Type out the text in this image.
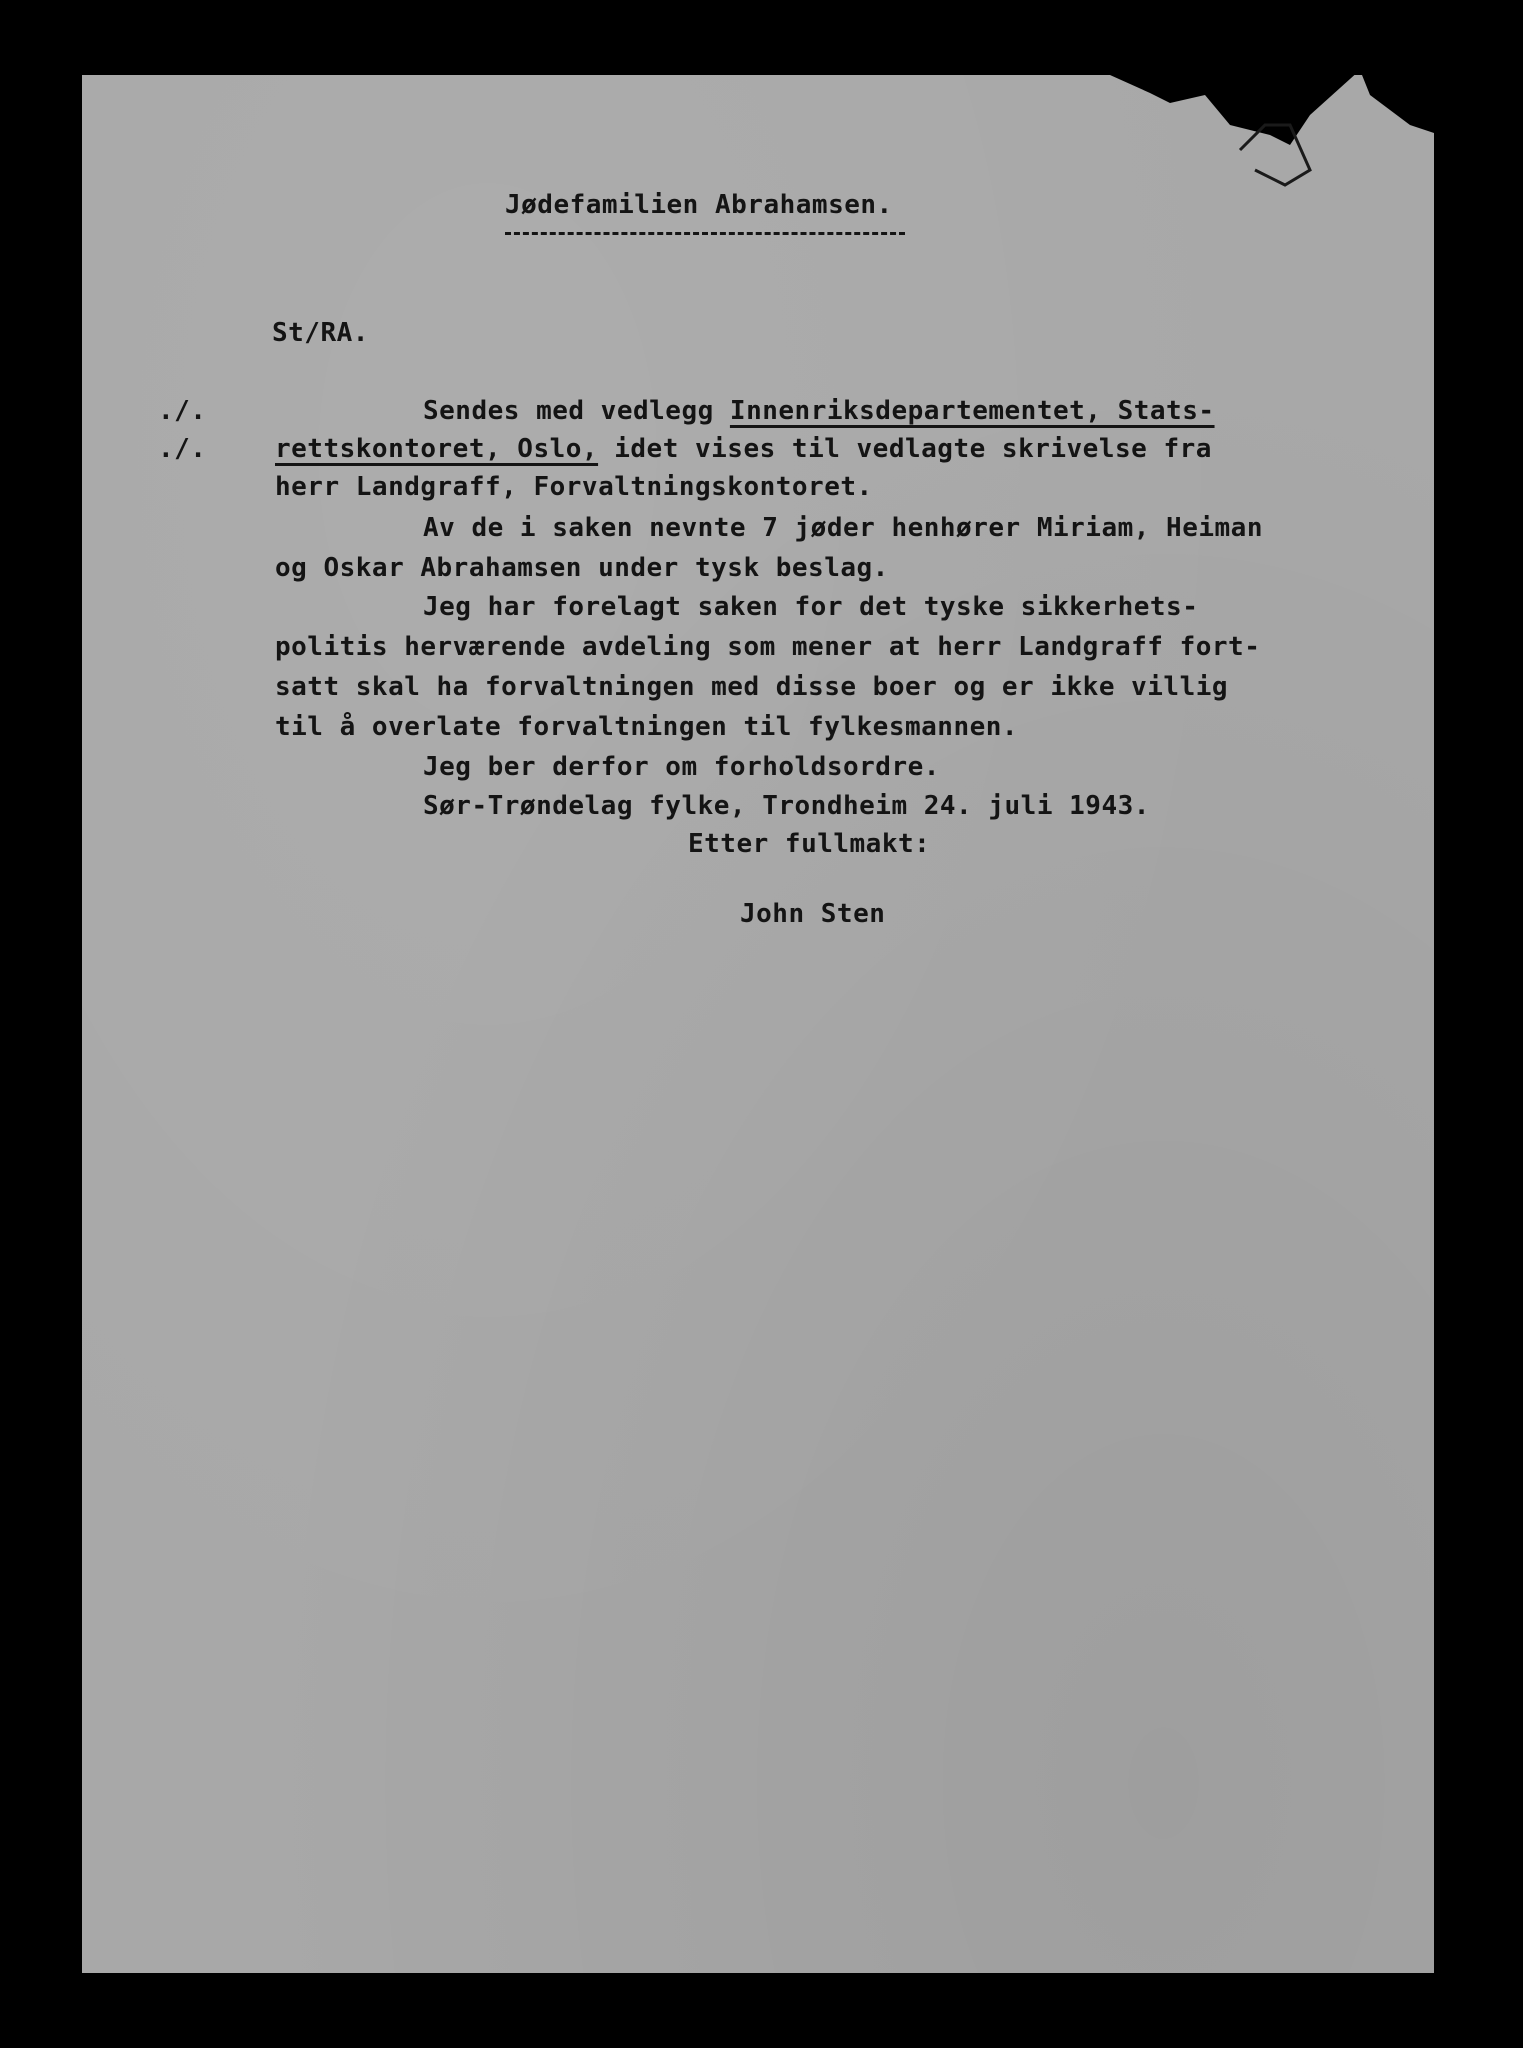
Jødefamilien Abrahamsen.
St/RA.
./.
./.
Sendes med vedlegg Innenriksdepartementet, Stats-
rettskontoret, Oslo, idet vises til vedlagte skrivelse fra
herr Landgraff, Forvaltningskontoret.
Av de i saken nevnte 7 jøder henhører Miriam, Heiman
og Oskar Abrahamsen under tysk beslag.
Jeg har forelagt saken for det tyske sikkerhets-
politis herværende avdeling som mener at herr Landgraff fort-
satt skal ha forvaltningen med disse boer og er ikke villig
til å overlate forvaltningen til fylkesmannen.
Jeg ber derfor om forholdsordre.
Sør-Trøndelag fylke, Trondheim 24. juli 1943.
Etter fullmakt:
John Sten
